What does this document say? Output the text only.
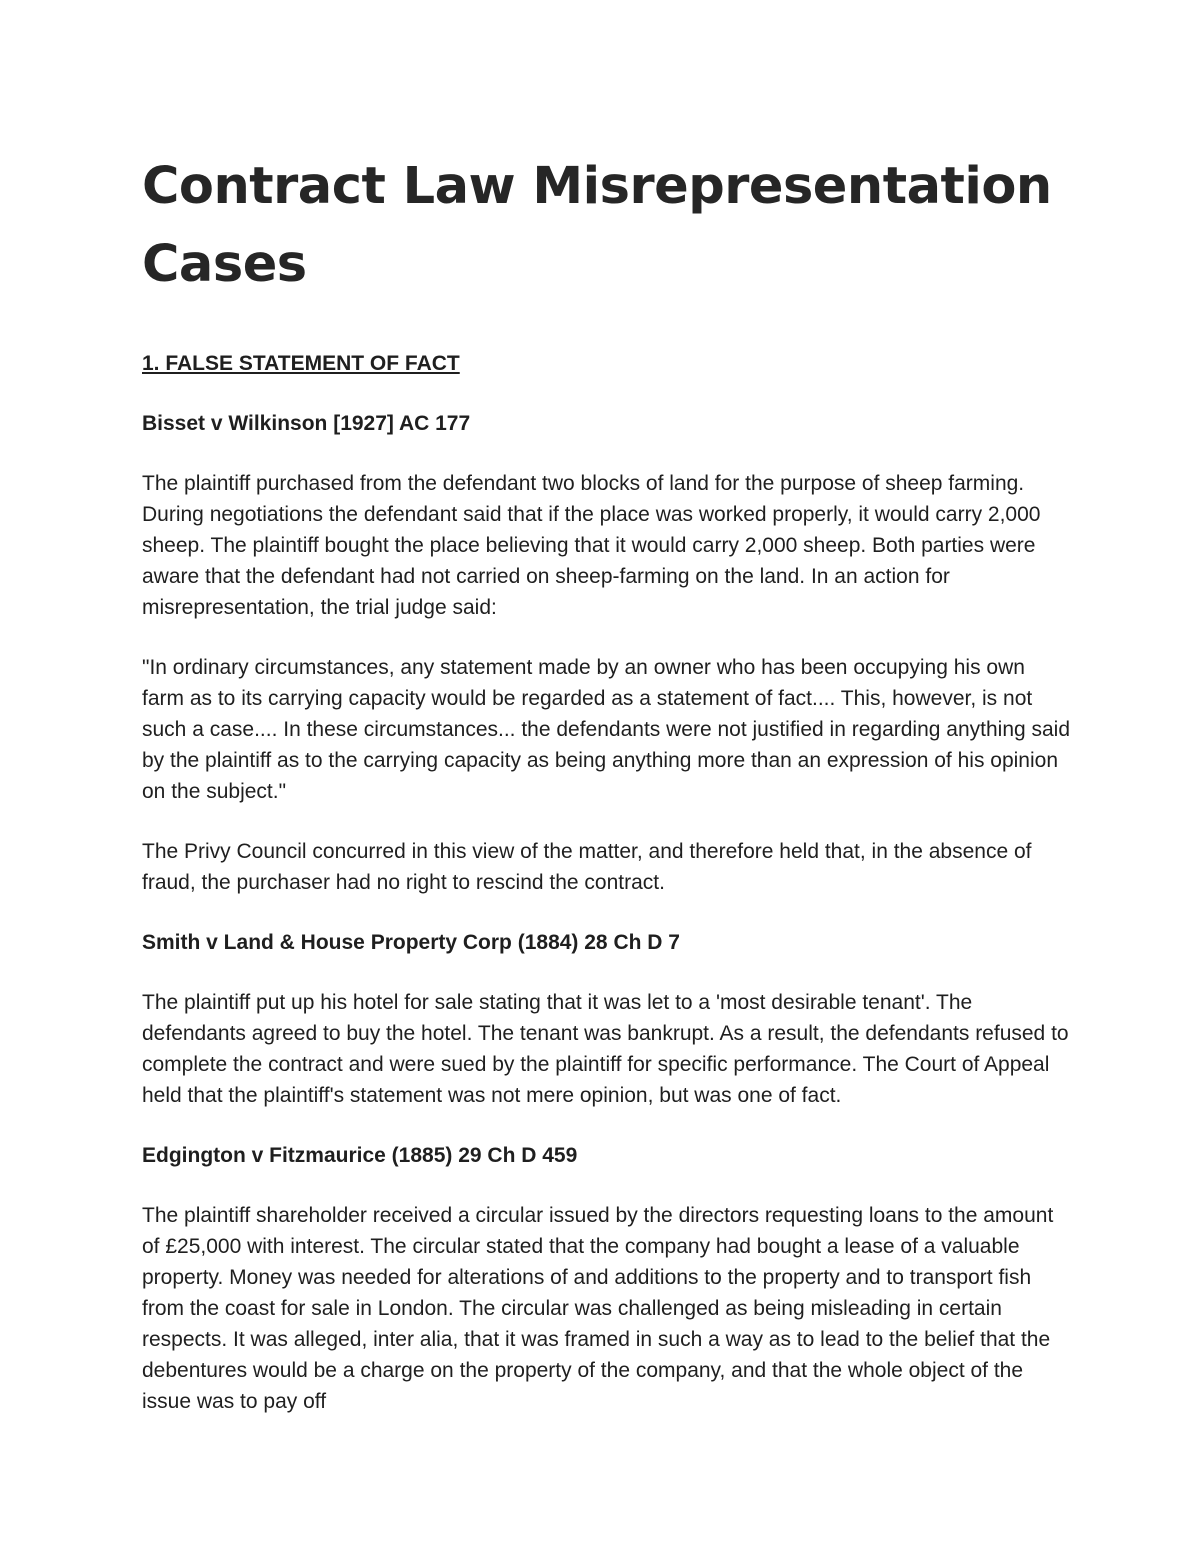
Contract Law Misrepresentation Cases
1. FALSE STATEMENT OF FACT
Bisset v Wilkinson [1927] AC 177

The plaintiff purchased from the defendant two blocks of land for the purpose of sheep farming. During negotiations the defendant said that if the place was worked properly, it would carry 2,000 sheep. The plaintiff bought the place believing that it would carry 2,000 sheep. Both parties were aware that the defendant had not carried on sheep-farming on the land. In an action for misrepresentation, the trial judge said:

"In ordinary circumstances, any statement made by an owner who has been occupying his own farm as to its carrying capacity would be regarded as a statement of fact.... This, however, is not such a case.... In these circumstances... the defendants were not justified in regarding anything said by the plaintiff as to the carrying capacity as being anything more than an expression of his opinion on the subject."

The Privy Council concurred in this view of the matter, and therefore held that, in the absence of fraud, the purchaser had no right to rescind the contract.

Smith v Land & House Property Corp (1884) 28 Ch D 7

The plaintiff put up his hotel for sale stating that it was let to a 'most desirable tenant'. The defendants agreed to buy the hotel. The tenant was bankrupt. As a result, the defendants refused to complete the contract and were sued by the plaintiff for specific performance. The Court of Appeal held that the plaintiff's statement was not mere opinion, but was one of fact.

Edgington v Fitzmaurice (1885) 29 Ch D 459

The plaintiff shareholder received a circular issued by the directors requesting loans to the amount of £25,000 with interest. The circular stated that the company had bought a lease of a valuable property. Money was needed for alterations of and additions to the property and to transport fish from the coast for sale in London. The circular was challenged as being misleading in certain respects. It was alleged, inter alia, that it was framed in such a way as to lead to the belief that the debentures would be a charge on the property of the company, and that the whole object of the issue was to pay off
